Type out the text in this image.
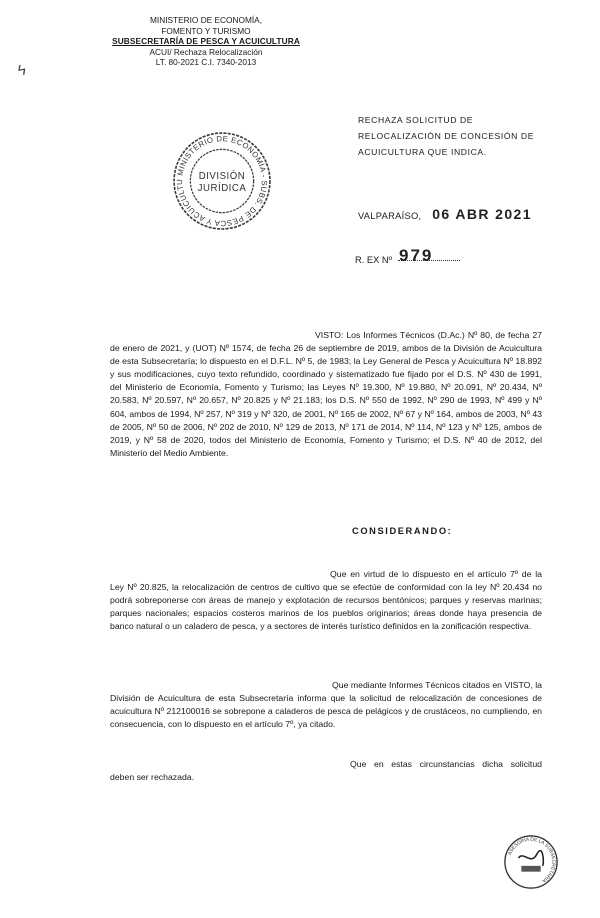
MINISTERIO DE ECONOMÍA,
FOMENTO Y TURISMO
SUBSECRETARÍA DE PESCA Y ACUICULTURA
ACUI/ Rechaza Relocalización
LT. 80-2021 C.I. 7340-2013
ϟ
MINISTERIO DE ECONOMÍA - SUBS. DE PESCA Y ACUICULTU	DIVISIÓN
JURÍDICA
RECHAZA SOLICITUD DE RELOCALIZACIÓN DE CONCESIÓN DE ACUICULTURA QUE INDICA.
VALPARAÍSO, 06 ABR 2021
R. EX Nº 979

VISTO: Los Informes Técnicos (D.Ac.) Nº 80, de fecha 27 de enero de 2021, y (UOT) Nº 1574, de fecha 26 de septiembre de 2019, ambos de la División de Acuicultura de esta Subsecretaría; lo dispuesto en el D.F.L. Nº 5, de 1983; la Ley General de Pesca y Acuicultura Nº 18.892 y sus modificaciones, cuyo texto refundido, coordinado y sistematizado fue fijado por el D.S. Nº 430 de 1991, del Ministerio de Economía, Fomento y Turismo; las Leyes Nº 19.300, Nº 19.880, Nº 20.091, Nº 20.434, Nº 20.583, Nº 20.597, Nº 20.657, Nº 20.825 y Nº 21.183; los D.S. Nº 550 de 1992, Nº 290 de 1993, Nº 499 y Nº 604, ambos de 1994, Nº 257, Nº 319 y Nº 320, de 2001, Nº 165 de 2002, Nº 67 y Nº 164, ambos de 2003, Nº 43 de 2005, Nº 50 de 2006, Nº 202 de 2010, Nº 129 de 2013, Nº 171 de 2014, Nº 114, Nº 123 y Nº 125, ambos de 2019, y Nº 58 de 2020, todos del Ministerio de Economía, Fomento y Turismo; el D.S. Nº 40 de 2012, del Ministerio del Medio Ambiente.

CONSIDERANDO:

Que en virtud de lo dispuesto en el artículo 7º de la Ley Nº 20.825, la relocalización de centros de cultivo que se efectúe de conformidad con la ley Nº 20.434 no podrá sobreponerse con áreas de manejo y explotación de recursos bentónicos; parques y reservas marinas; parques nacionales; espacios costeros marinos de los pueblos originarios; áreas donde haya presencia de banco natural o un caladero de pesca, y a sectores de interés turístico definidos en la zonificación respectiva.

Que mediante Informes Técnicos citados en VISTO, la División de Acuicultura de esta Subsecretaría informa que la solicitud de relocalización de concesiones de acuicultura Nº 212100016 se sobrepone a caladeros de pesca de pelágicos y de crustáceos, no cumpliendo, en consecuencia, con lo dispuesto en el artículo 7º, ya citado.

Que en estas circunstancias dicha solicitud deben ser rechazada.

ASESORÍA DE LA SUBSECRETARÍA
